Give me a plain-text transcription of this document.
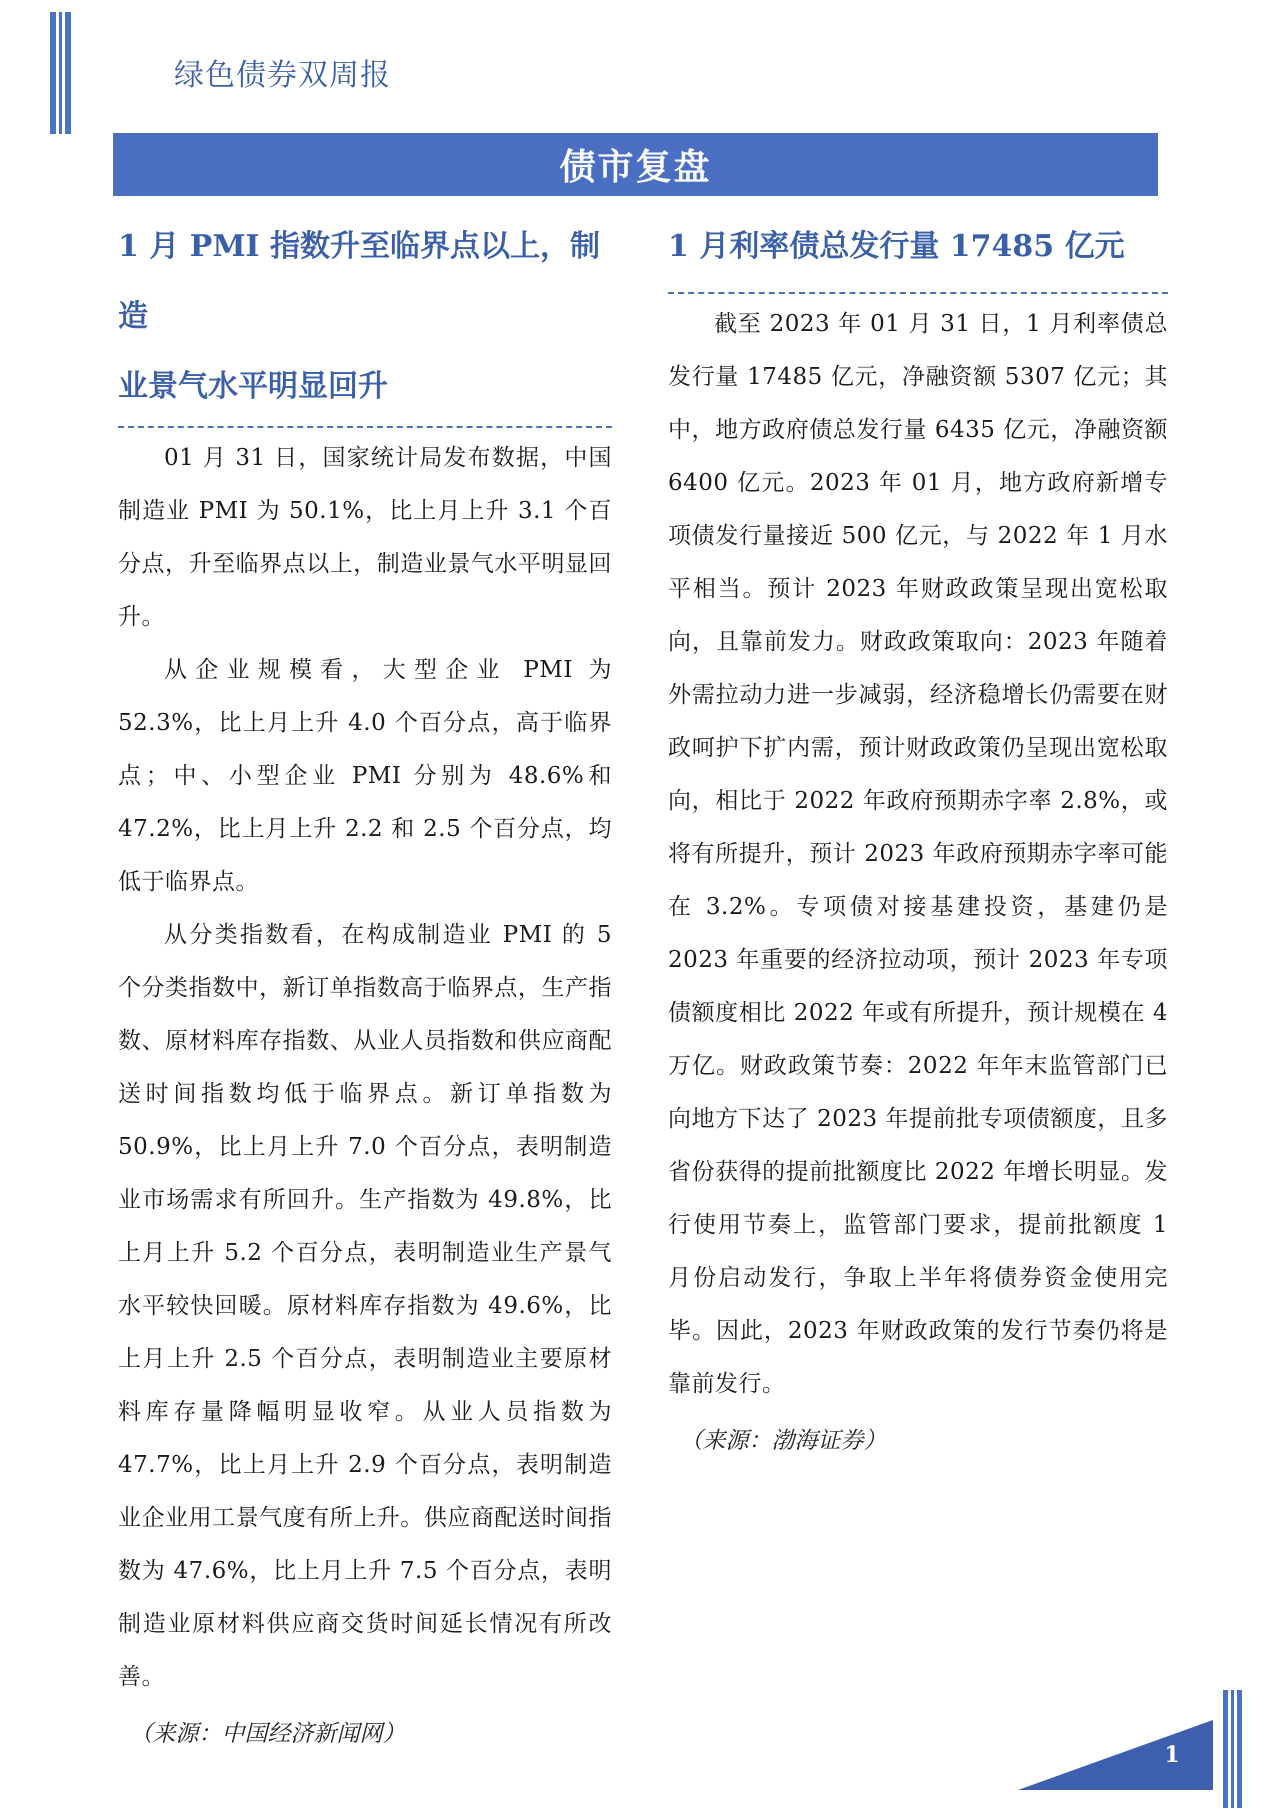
绿色债券双周报
债市复盘

1 月 PMI 指数升至临界点以上，制造

业景气水平明显回升

01 月 31 日，国家统计局发布数据，中国制造业 PMI 为 50.1%，比上月上升 3.1 个百分点，升至临界点以上，制造业景气水平明显回升。

从企业规模看，大型企业 PMI 为 52.3%，比上月上升 4.0 个百分点，高于临界点；中、小型企业 PMI 分别为 48.6%和 47.2%，比上月上升 2.2 和 2.5 个百分点，均低于临界点。

从分类指数看，在构成制造业 PMI 的 5 个分类指数中，新订单指数高于临界点，生产指数、原材料库存指数、从业人员指数和供应商配送时间指数均低于临界点。新订单指数为 50.9%，比上月上升 7.0 个百分点，表明制造业市场需求有所回升。生产指数为 49.8%，比上月上升 5.2 个百分点，表明制造业生产景气水平较快回暖。原材料库存指数为 49.6%，比上月上升 2.5 个百分点，表明制造业主要原材料库存量降幅明显收窄。从业人员指数为 47.7%，比上月上升 2.9 个百分点，表明制造业企业用工景气度有所上升。供应商配送时间指数为 47.6%，比上月上升 7.5 个百分点，表明制造业原材料供应商交货时间延长情况有所改善。

（来源：中国经济新闻网）

1 月利率债总发行量 17485 亿元

截至 2023 年 01 月 31 日，1 月利率债总发行量 17485 亿元，净融资额 5307 亿元；其中，地方政府债总发行量 6435 亿元，净融资额 6400 亿元。2023 年 01 月，地方政府新增专项债发行量接近 500 亿元，与 2022 年 1 月水平相当。预计 2023 年财政政策呈现出宽松取向，且靠前发力。财政政策取向：2023 年随着外需拉动力进一步减弱，经济稳增长仍需要在财政呵护下扩内需，预计财政政策仍呈现出宽松取向，相比于 2022 年政府预期赤字率 2.8%，或将有所提升，预计 2023 年政府预期赤字率可能在 3.2%。专项债对接基建投资，基建仍是 2023 年重要的经济拉动项，预计 2023 年专项债额度相比 2022 年或有所提升，预计规模在 4 万亿。财政政策节奏：2022 年年末监管部门已向地方下达了 2023 年提前批专项债额度，且多省份获得的提前批额度比 2022 年增长明显。发行使用节奏上，监管部门要求，提前批额度 1 月份启动发行，争取上半年将债券资金使用完毕。因此，2023 年财政政策的发行节奏仍将是靠前发行。

（来源：渤海证券）

1
